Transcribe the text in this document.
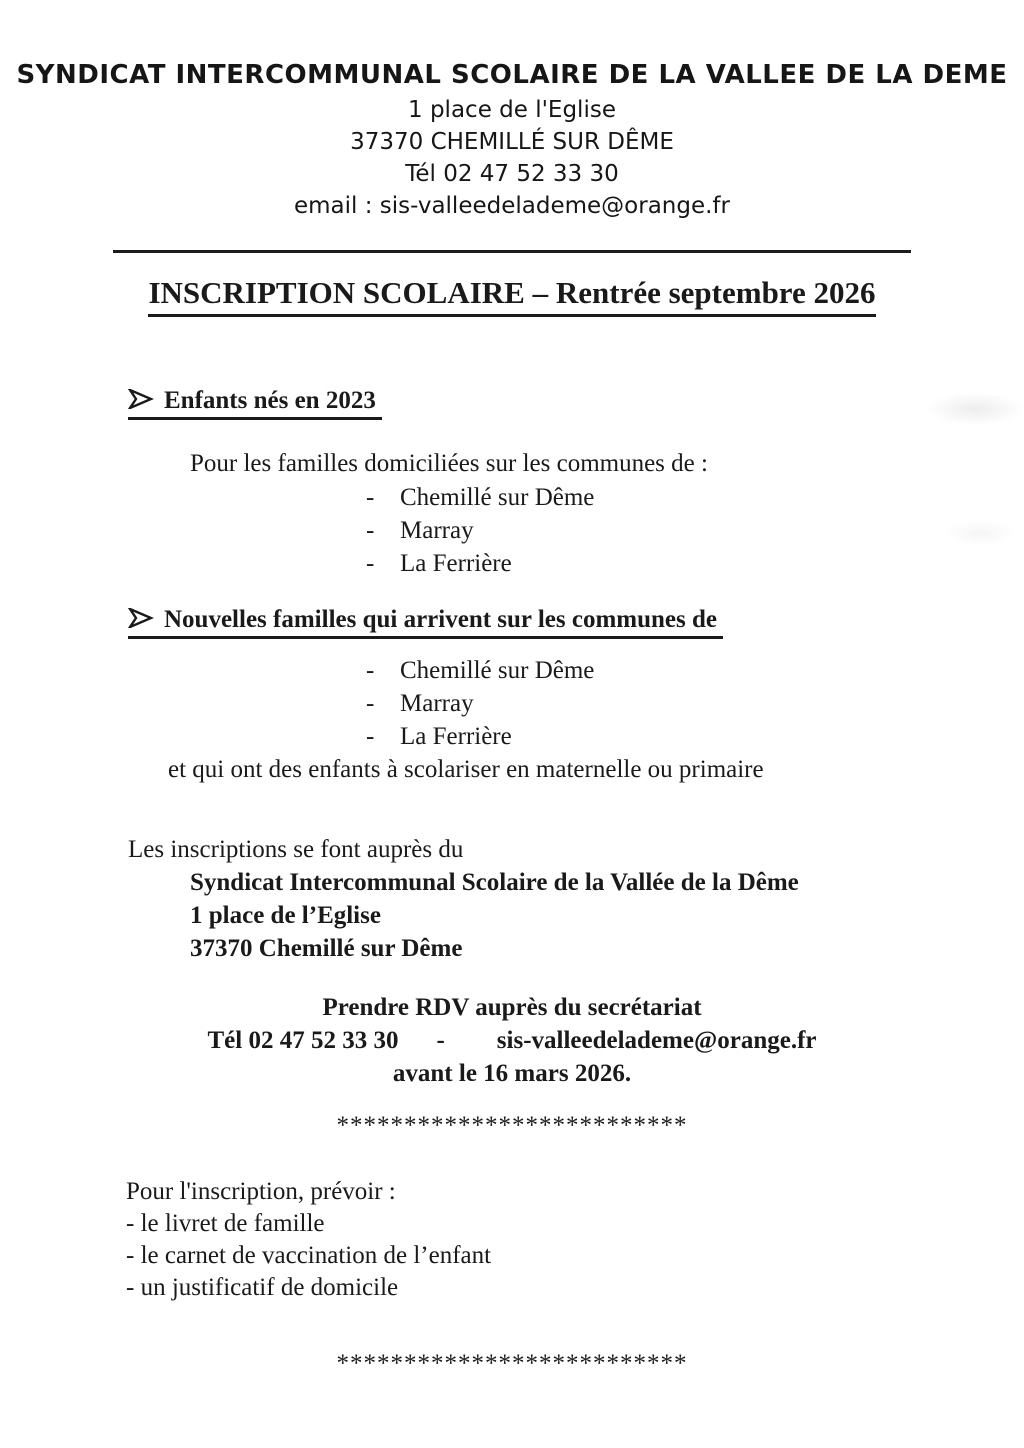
SYNDICAT INTERCOMMUNAL SCOLAIRE DE LA VALLEE DE LA DEME
1 place de l'Eglise
37370 CHEMILLÉ SUR DÊME
Tél 02 47 52 33 30
email : sis-valleedelademe@orange.fr
INSCRIPTION SCOLAIRE – Rentrée septembre 2026
Enfants nés en 2023
Pour les familles domiciliées sur les communes de :
-	Chemillé sur Dême
-	Marray
-	La Ferrière
Nouvelles familles qui arrivent sur les communes de
-	Chemillé sur Dême
-	Marray
-	La Ferrière
et qui ont des enfants à scolariser en maternelle ou primaire
Les inscriptions se font auprès du
Syndicat Intercommunal Scolaire de la Vallée de la Dême
1 place de l’Eglise
37370 Chemillé sur Dême
Prendre RDV auprès du secrétariat
Tél 02 47 52 33 30 - sis-valleedelademe@orange.fr
avant le 16 mars 2026.
**************************
Pour l'inscription, prévoir :
- le livret de famille
- le carnet de vaccination de l’enfant
- un justificatif de domicile
**************************
